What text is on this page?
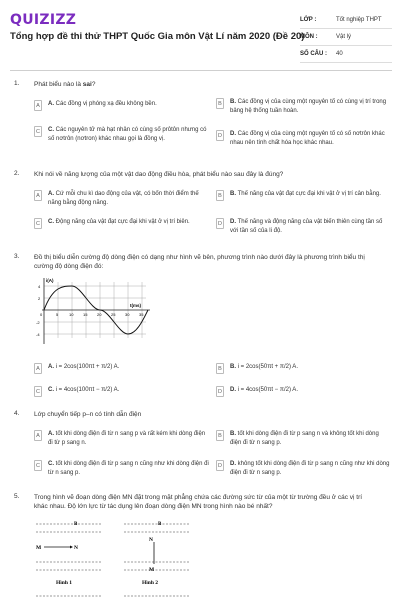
QUIZIZZ
Tổng hợp đề thi thử THPT Quốc Gia môn Vật Lí năm 2020 (Đề 20)
LỚP :	Tốt nghiệp THPT
MÔN :	Vật lý
SỐ CÂU :	40
1. Phát biểu nào là sai?
A	A. Các đồng vị phóng xạ đều không bền.	B	B. Các đồng vị của cùng một nguyên tố có cùng vị trí trong bảng hệ thống tuần hoàn.
C	C. Các nguyên tử mà hạt nhân có cùng số prôtôn nhưng có số nơtrôn (nơtron) khác nhau gọi là đồng vị.	D	D. Các đồng vị của cùng một nguyên tố có số nơtrôn khác nhau nên tính chất hóa học khác nhau.
2. Khi nói về năng lượng của một vật dao động điều hòa, phát biểu nào sau đây là đúng?
A	A. Cứ mỗi chu kì dao động của vật, có bốn thời điểm thế năng bằng động năng.
B	B. Thế năng của vật đạt cực đại khi vật ở vị trí cân bằng.
C	C. Động năng của vật đạt cực đại khi vật ở vị trí biên.	D	D. Thế năng và động năng của vật biến thiên cùng tần số với tần số của li độ.
3. Đồ thị biểu diễn cường độ dòng điện có dạng như hình vẽ bên, phương trình nào dưới đây là phương trình biểu thị cường độ dòng điện đó:
A	A. i = 2cos(100πt + π/2) A.	B	B. i = 2cos(50πt + π/2) A.
C	C. i = 4cos(100πt − π/2) A.	D	D. i = 4cos(50πt − π/2) A.
i(A)
t(ms)
4
2
-2
-4
0	5	10 15 20 25 30 35
4. Lớp chuyển tiếp p–n có tính dẫn điện
A	A. tốt khi dòng điện đi từ n sang p và rất kém khi dòng điện đi từ p sang n.
B	B. tốt khi dòng điện đi từ p sang n và không tốt khi dòng điện đi từ n sang p.
C	C. tốt khi dòng điện đi từ p sang n cũng như khi dòng điện đi từ n sang p.
D	D. không tốt khi dòng điện đi từ p sang n cũng như khi dòng điện đi từ n sang p.
5. Trong hình vẽ đoạn dòng điện MN đặt trong mặt phẳng chứa các đường sức từ của một từ trường đều ở các vị trí khác nhau. Độ lớn lực từ tác dụng lên đoạn dòng điện MN trong hình nào bé nhất?
B
M	N
Hình 1
B
N
M
Hình 2
